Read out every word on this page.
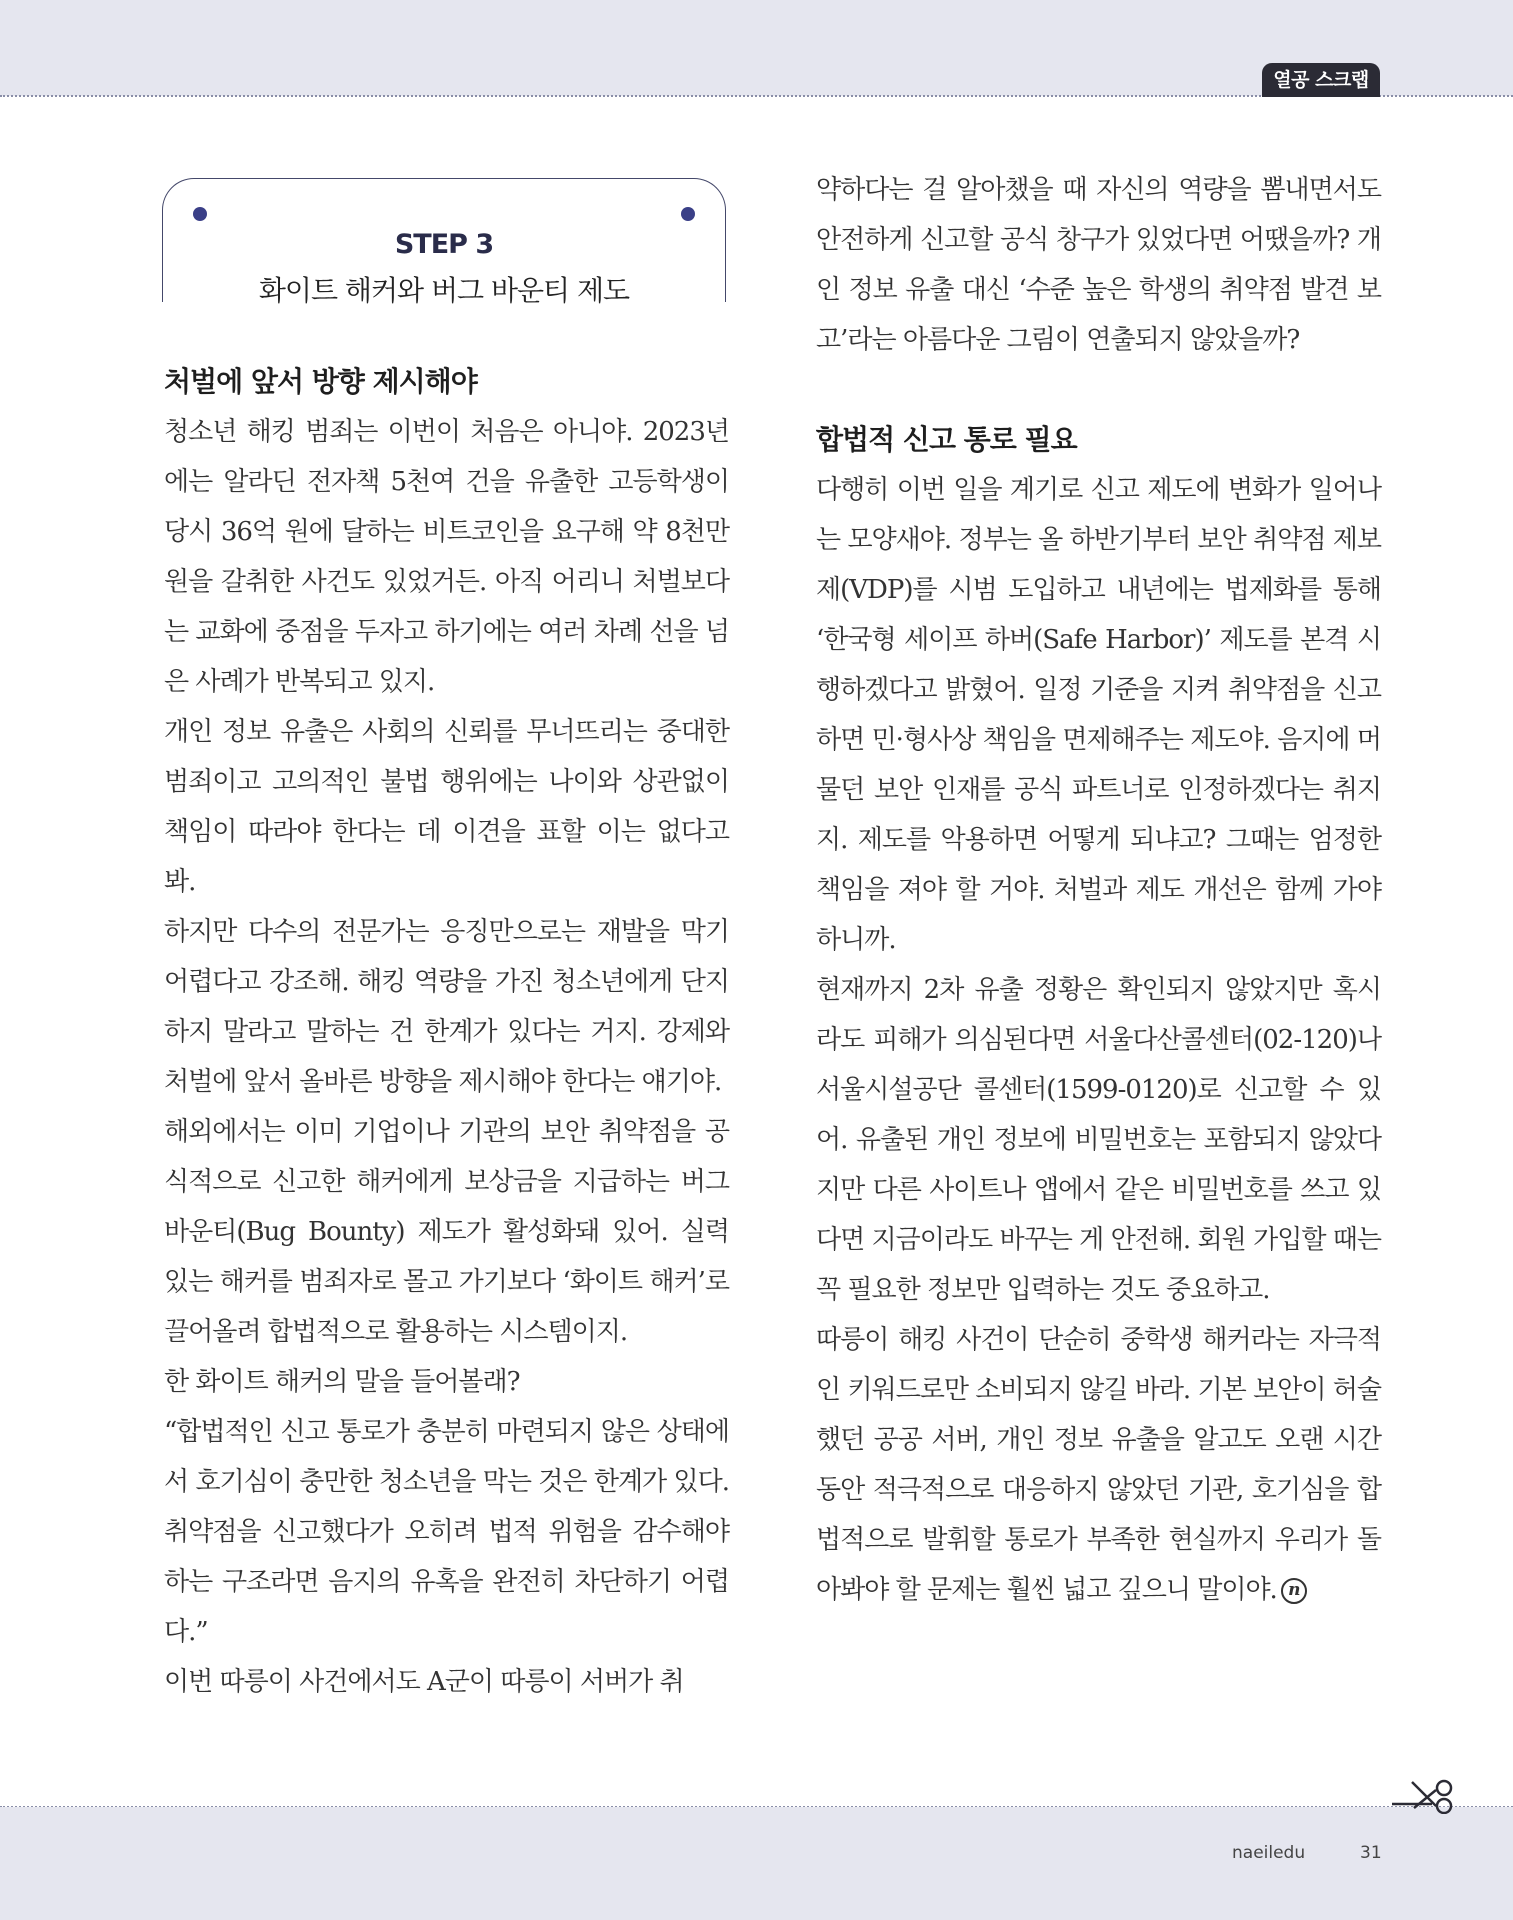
열공 스크랩
STEP 3
화이트 해커와 버그 바운티 제도

처벌에 앞서 방향 제시해야

청소년 해킹 범죄는 이번이 처음은 아니야. 2023년에는 알라딘 전자책 5천여 건을 유출한 고등학생이 당시 36억 원에 달하는 비트코인을 요구해 약 8천만 원을 갈취한 사건도 있었거든. 아직 어리니 처벌보다는 교화에 중점을 두자고 하기에는 여러 차례 선을 넘은 사례가 반복되고 있지.

개인 정보 유출은 사회의 신뢰를 무너뜨리는 중대한 범죄이고 고의적인 불법 행위에는 나이와 상관없이 책임이 따라야 한다는 데 이견을 표할 이는 없다고 봐.

하지만 다수의 전문가는 응징만으로는 재발을 막기 어렵다고 강조해. 해킹 역량을 가진 청소년에게 단지 하지 말라고 말하는 건 한계가 있다는 거지. 강제와 처벌에 앞서 올바른 방향을 제시해야 한다는 얘기야.

해외에서는 이미 기업이나 기관의 보안 취약점을 공식적으로 신고한 해커에게 보상금을 지급하는 버그 바운티(Bug Bounty) 제도가 활성화돼 있어. 실력 있는 해커를 범죄자로 몰고 가기보다 ‘화이트 해커’로 끌어올려 합법적으로 활용하는 시스템이지.

한 화이트 해커의 말을 들어볼래?

“합법적인 신고 통로가 충분히 마련되지 않은 상태에서 호기심이 충만한 청소년을 막는 것은 한계가 있다. 취약점을 신고했다가 오히려 법적 위험을 감수해야 하는 구조라면 음지의 유혹을 완전히 차단하기 어렵다.”

이번 따릉이 사건에서도 A군이 따릉이 서버가 취

약하다는 걸 알아챘을 때 자신의 역량을 뽐내면서도 안전하게 신고할 공식 창구가 있었다면 어땠을까? 개인 정보 유출 대신 ‘수준 높은 학생의 취약점 발견 보고’라는 아름다운 그림이 연출되지 않았을까?

합법적 신고 통로 필요

다행히 이번 일을 계기로 신고 제도에 변화가 일어나는 모양새야. 정부는 올 하반기부터 보안 취약점 제보제(VDP)를 시범 도입하고 내년에는 법제화를 통해 ‘한국형 세이프 하버(Safe Harbor)’ 제도를 본격 시행하겠다고 밝혔어. 일정 기준을 지켜 취약점을 신고하면 민·형사상 책임을 면제해주는 제도야. 음지에 머물던 보안 인재를 공식 파트너로 인정하겠다는 취지지. 제도를 악용하면 어떻게 되냐고? 그때는 엄정한 책임을 져야 할 거야. 처벌과 제도 개선은 함께 가야 하니까.

현재까지 2차 유출 정황은 확인되지 않았지만 혹시라도 피해가 의심된다면 서울다산콜센터(02-120)나 서울시설공단 콜센터(1599-0120)로 신고할 수 있어. 유출된 개인 정보에 비밀번호는 포함되지 않았다지만 다른 사이트나 앱에서 같은 비밀번호를 쓰고 있다면 지금이라도 바꾸는 게 안전해. 회원 가입할 때는 꼭 필요한 정보만 입력하는 것도 중요하고.

따릉이 해킹 사건이 단순히 중학생 해커라는 자극적인 키워드로만 소비되지 않길 바라. 기본 보안이 허술했던 공공 서버, 개인 정보 유출을 알고도 오랜 시간 동안 적극적으로 대응하지 않았던 기관, 호기심을 합법적으로 발휘할 통로가 부족한 현실까지 우리가 돌아봐야 할 문제는 훨씬 넓고 깊으니 말이야. n

naeiledu	31
